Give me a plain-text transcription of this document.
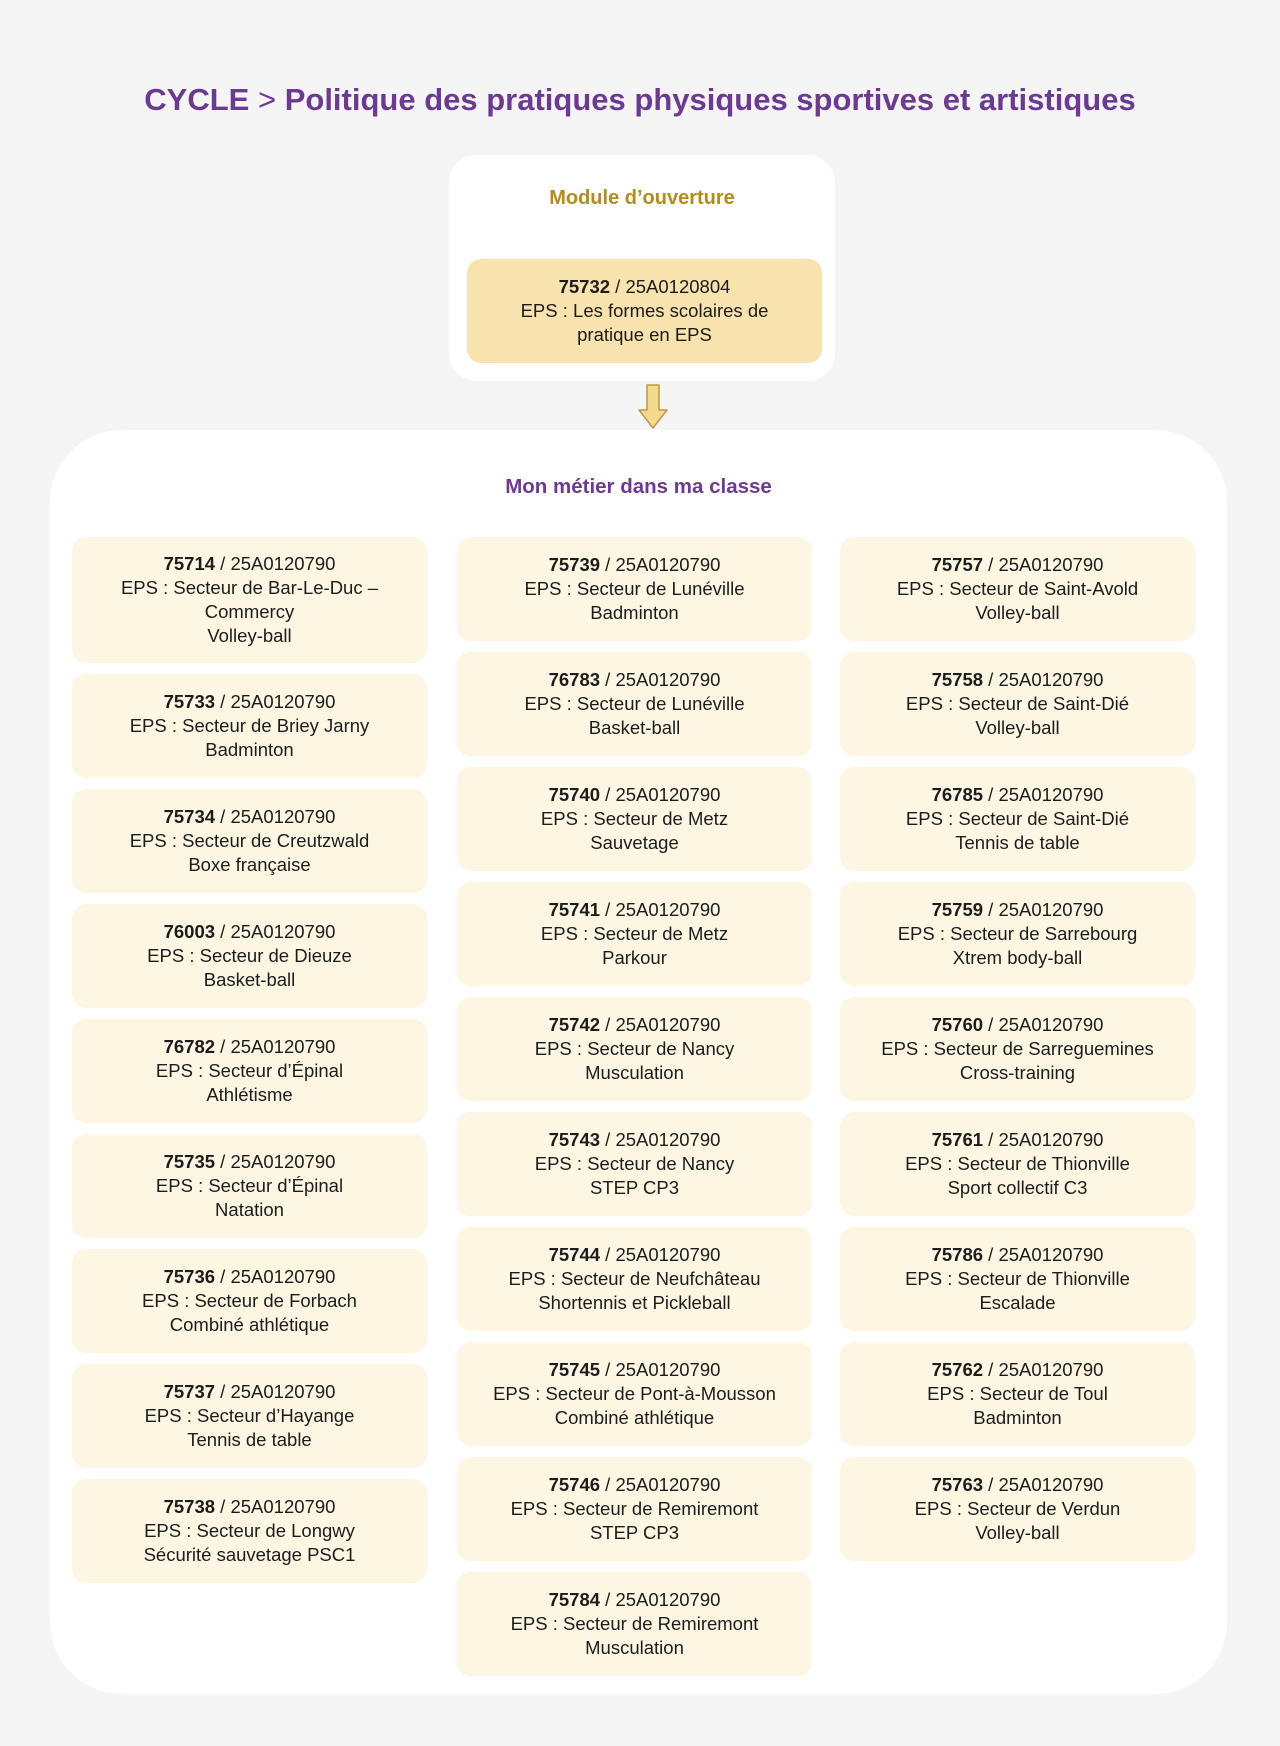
CYCLE > Politique des pratiques physiques sportives et artistiques
Module d’ouverture
75732 / 25A0120804
EPS : Les formes scolaires de
pratique en EPS
Mon métier dans ma classe
75714 / 25A0120790
EPS : Secteur de Bar-Le-Duc –
Commercy
Volley-ball
75733 / 25A0120790
EPS : Secteur de Briey Jarny
Badminton
75734 / 25A0120790
EPS : Secteur de Creutzwald
Boxe française
76003 / 25A0120790
EPS : Secteur de Dieuze
Basket-ball
76782 / 25A0120790
EPS : Secteur d’Épinal
Athlétisme
75735 / 25A0120790
EPS : Secteur d’Épinal
Natation
75736 / 25A0120790
EPS : Secteur de Forbach
Combiné athlétique
75737 / 25A0120790
EPS : Secteur d’Hayange
Tennis de table
75738 / 25A0120790
EPS : Secteur de Longwy
Sécurité sauvetage PSC1
75739 / 25A0120790
EPS : Secteur de Lunéville
Badminton
76783 / 25A0120790
EPS : Secteur de Lunéville
Basket-ball
75740 / 25A0120790
EPS : Secteur de Metz
Sauvetage
75741 / 25A0120790
EPS : Secteur de Metz
Parkour
75742 / 25A0120790
EPS : Secteur de Nancy
Musculation
75743 / 25A0120790
EPS : Secteur de Nancy
STEP CP3
75744 / 25A0120790
EPS : Secteur de Neufchâteau
Shortennis et Pickleball
75745 / 25A0120790
EPS : Secteur de Pont-à-Mousson
Combiné athlétique
75746 / 25A0120790
EPS : Secteur de Remiremont
STEP CP3
75784 / 25A0120790
EPS : Secteur de Remiremont
Musculation
75757 / 25A0120790
EPS : Secteur de Saint-Avold
Volley-ball
75758 / 25A0120790
EPS : Secteur de Saint-Dié
Volley-ball
76785 / 25A0120790
EPS : Secteur de Saint-Dié
Tennis de table
75759 / 25A0120790
EPS : Secteur de Sarrebourg
Xtrem body-ball
75760 / 25A0120790
EPS : Secteur de Sarreguemines
Cross-training
75761 / 25A0120790
EPS : Secteur de Thionville
Sport collectif C3
75786 / 25A0120790
EPS : Secteur de Thionville
Escalade
75762 / 25A0120790
EPS : Secteur de Toul
Badminton
75763 / 25A0120790
EPS : Secteur de Verdun
Volley-ball
